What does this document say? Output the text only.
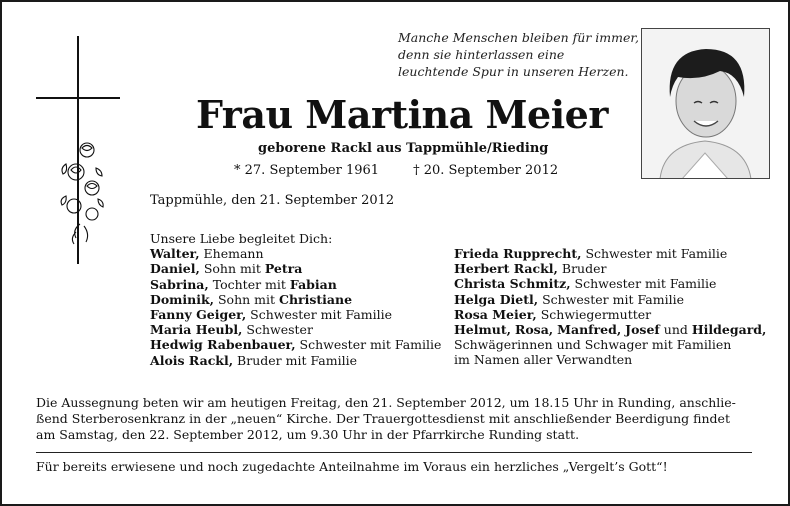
Manche Menschen bleiben für immer,
denn sie hinterlassen eine
leuchtende Spur in unseren Herzen.
Frau Martina Meier
geborene Rackl aus Tappmühle/Rieding
* 27. September 1961	† 20. September 2012
Tappmühle, den 21. September 2012
Unsere Liebe begleitet Dich:
Walter, Ehemann
Daniel, Sohn mit Petra
Sabrina, Tochter mit Fabian
Dominik, Sohn mit Christiane
Fanny Geiger, Schwester mit Familie
Maria Heubl, Schwester
Hedwig Rabenbauer, Schwester mit Familie
Alois Rackl, Bruder mit Familie
Frieda Rupprecht, Schwester mit Familie
Herbert Rackl, Bruder
Christa Schmitz, Schwester mit Familie
Helga Dietl, Schwester mit Familie
Rosa Meier, Schwiegermutter
Helmut, Rosa, Manfred, Josef und Hildegard,
Schwägerinnen und Schwager mit Familien
im Namen aller Verwandten
Die Aussegnung beten wir am heutigen Freitag, den 21. September 2012, um 18.15 Uhr in Runding, anschlie-
ßend Sterberosenkranz in der „neuen“ Kirche. Der Trauergottesdienst mit anschließender Beerdigung findet
am Samstag, den 22. September 2012, um 9.30 Uhr in der Pfarrkirche Runding statt.
Für bereits erwiesene und noch zugedachte Anteilnahme im Voraus ein herzliches „Vergelt’s Gott“!
